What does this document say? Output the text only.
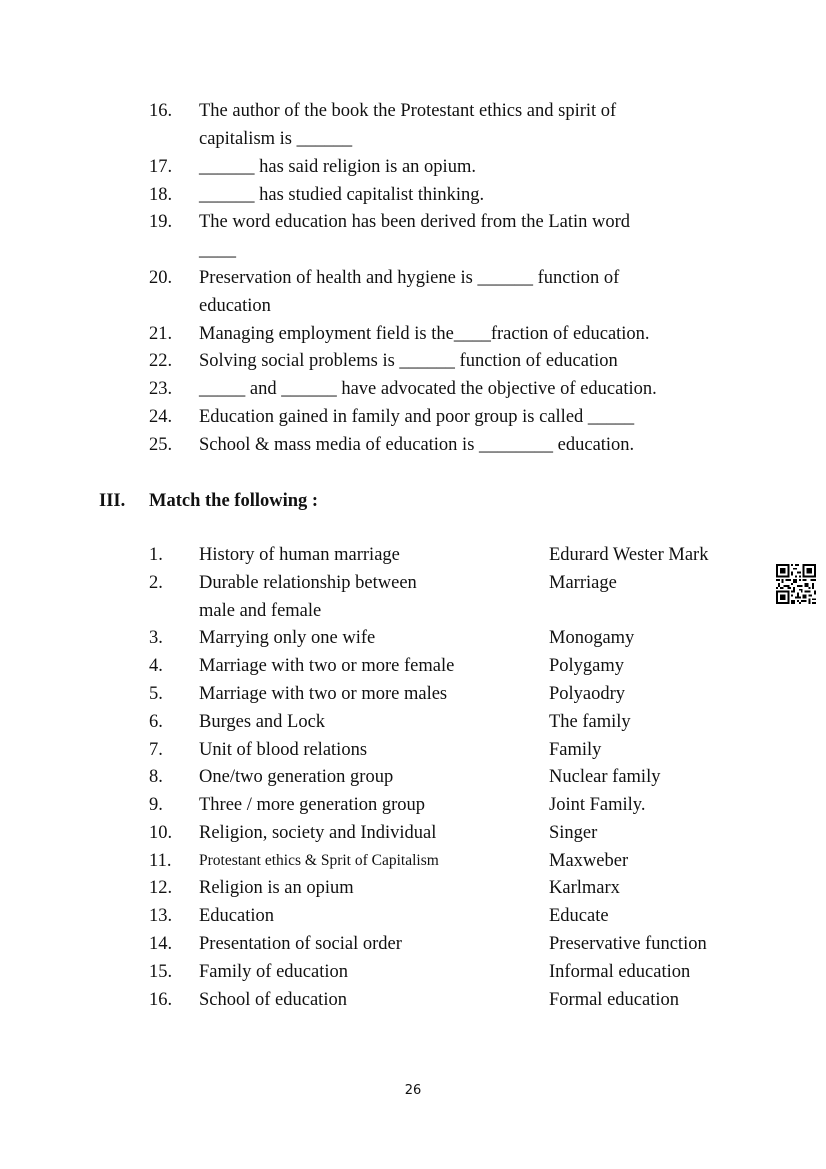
16. The author of the book the Protestant ethics and spirit of
capitalism is ______
17. ______ has said religion is an opium.
18. ______ has studied capitalist thinking.
19. The word education has been derived from the Latin word
____
20. Preservation of health and hygiene is ______ function of
education
21. Managing employment field is the____fraction of education.
22. Solving social problems is ______ function of education
23. _____ and ______ have advocated the objective of education.
24. Education gained in family and poor group is called _____
25. School & mass media of education is ________ education.
III. Match the following :
1. History of human marriage	Edurard Wester Mark
2. Durable relationship between	Marriage
male and female
3. Marrying only one wife	Monogamy
4. Marriage with two or more female	Polygamy
5. Marriage with two or more males	Polyaodry
6. Burges and Lock	The family
7. Unit of blood relations	Family
8. One/two generation group	Nuclear family
9. Three / more generation group	Joint Family.
10. Religion, society and Individual	Singer
11. Protestant ethics & Sprit of Capitalism	Maxweber
12. Religion is an opium	Karlmarx
13. Education	Educate
14. Presentation of social order	Preservative function
15. Family of education	Informal education
16. School of education	Formal education
26
